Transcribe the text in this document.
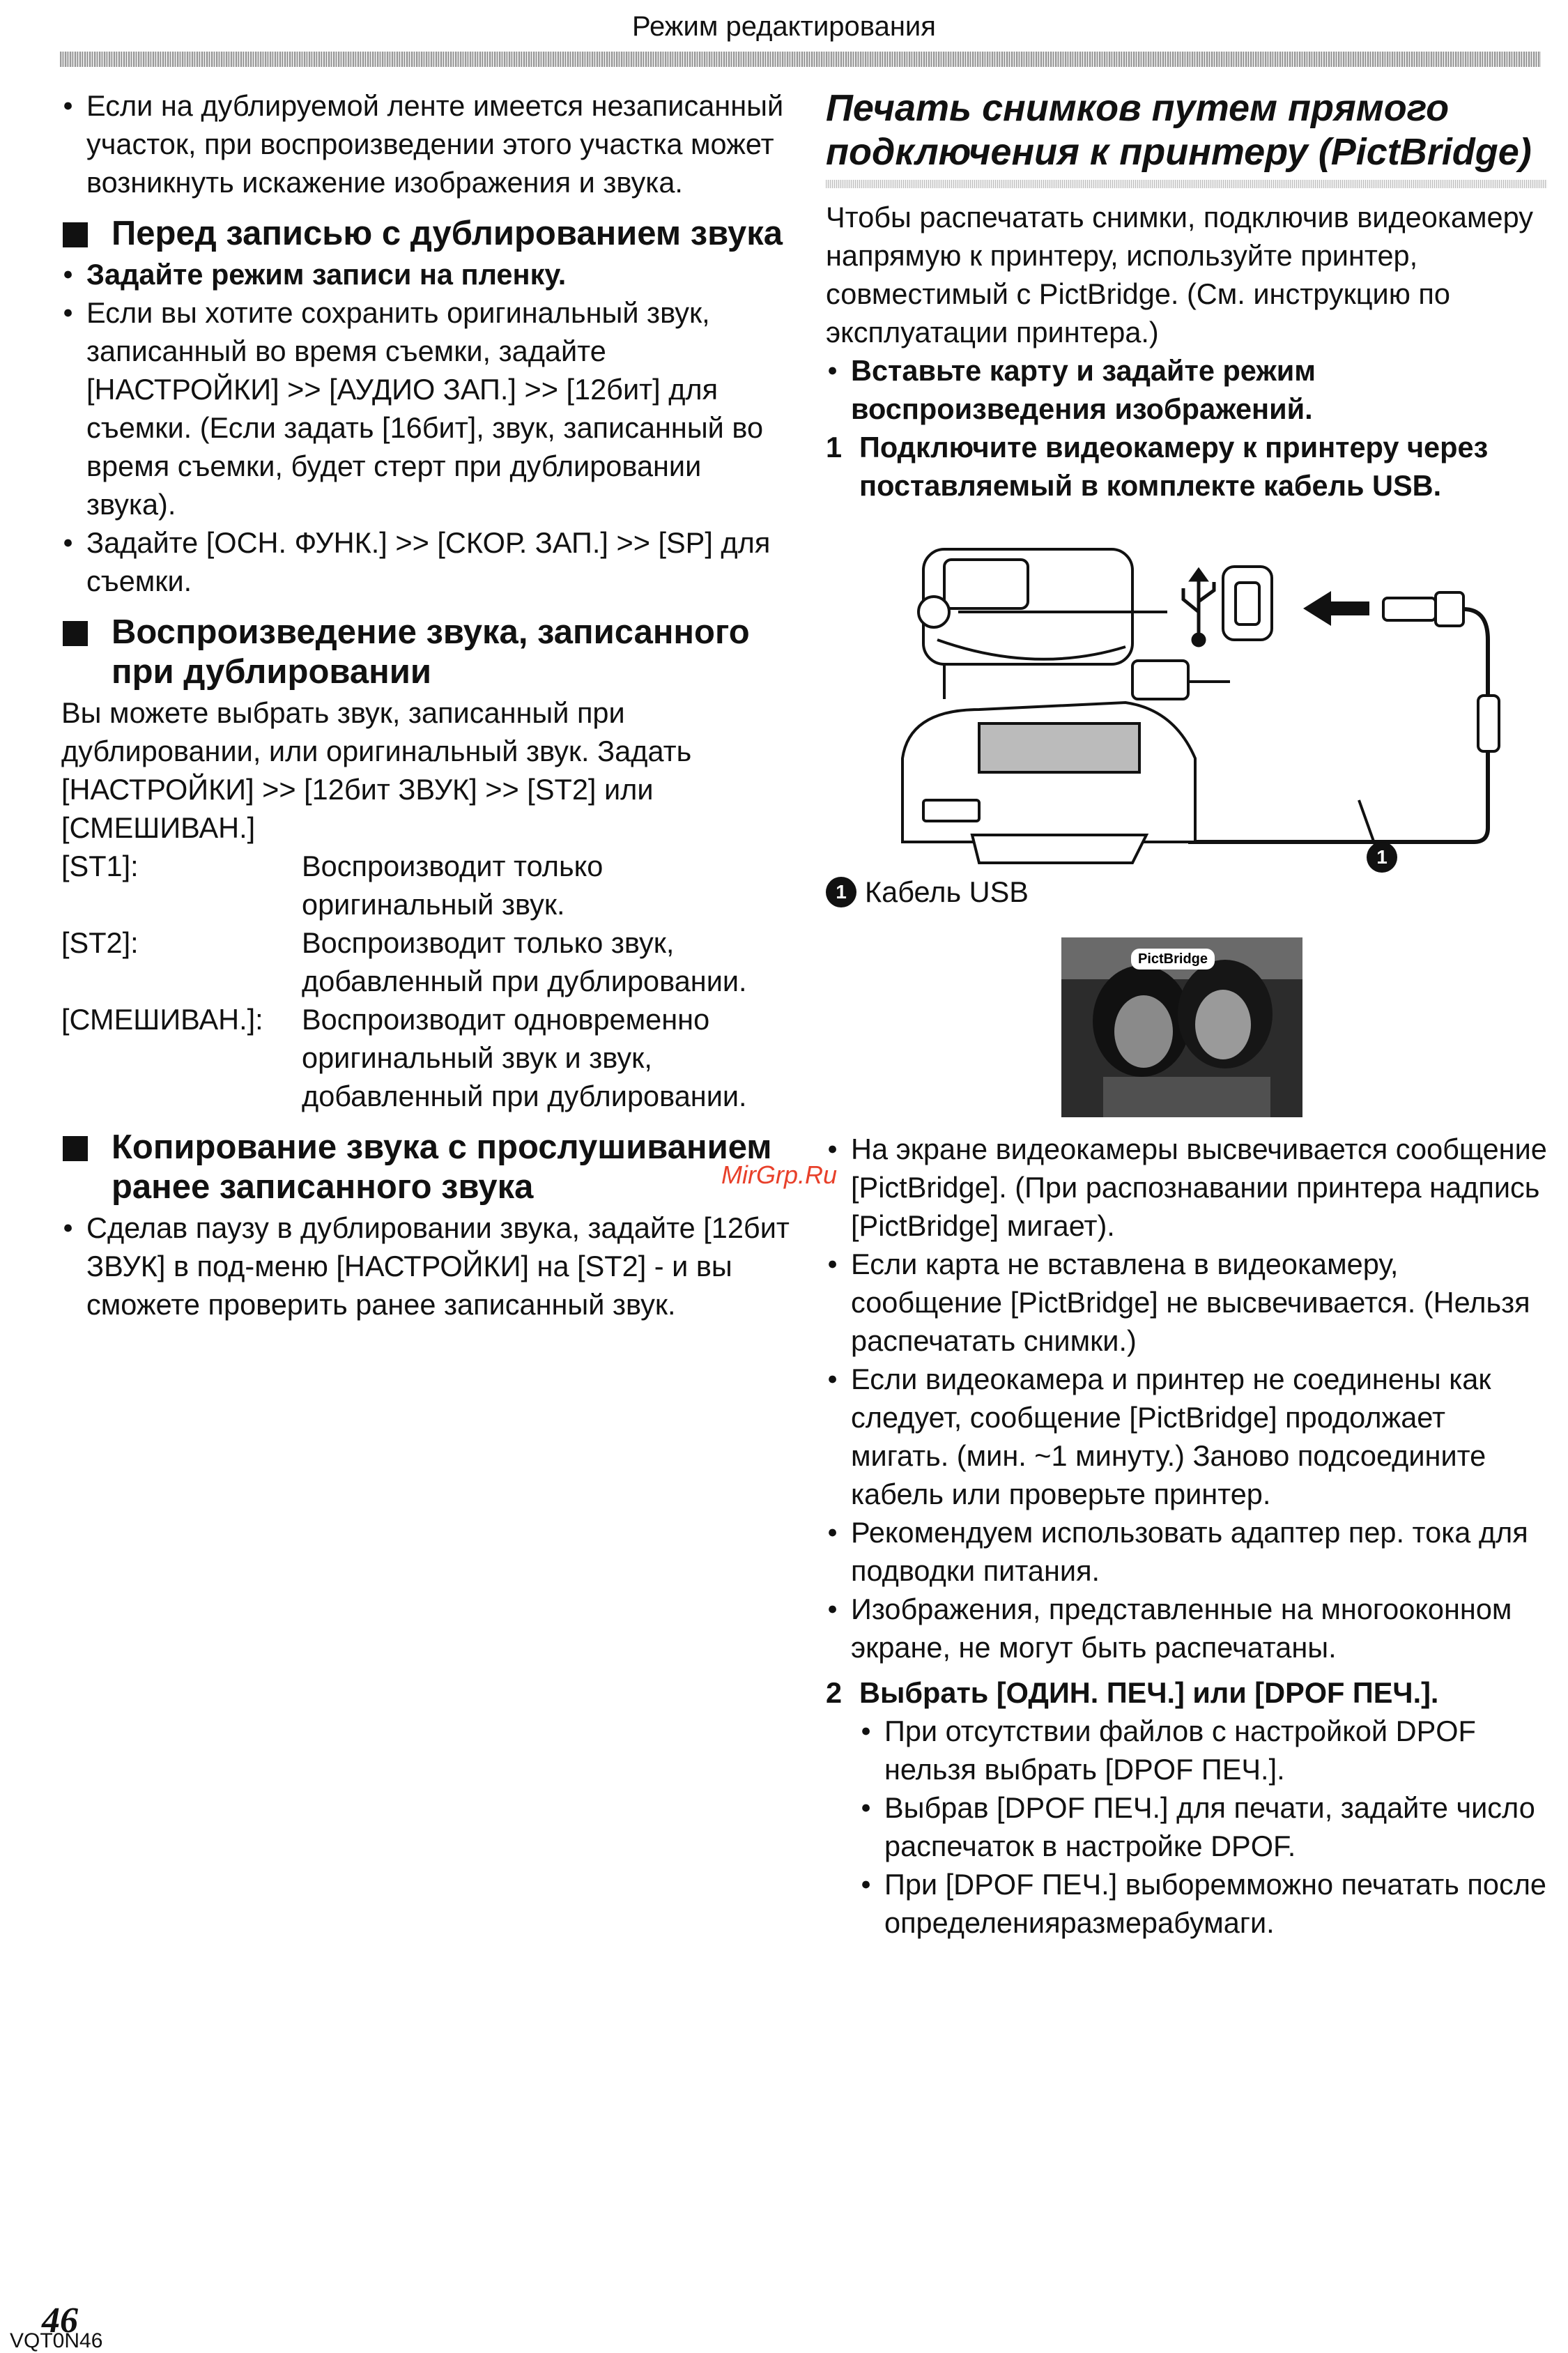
Режим редактирования

● Если на дублируемой ленте имеется незаписанный участок, при воспроизведении этого участка может возникнуть искажение изображения и звука.

Перед записью с дублированием звука

● Задайте режим записи на пленку.

● Если вы хотите сохранить оригинальный звук, записанный во время съемки, задайте [НАСТРОЙКИ] >> [АУДИО ЗАП.] >> [12бит] для съемки. (Если задать [16бит], звук, записанный во время съемки, будет стерт при дублировании звука).

● Задайте [ОСН. ФУНК.] >> [СКОР. ЗАП.] >> [SP] для съемки.

Воспроизведение звука, записанного при дублировании

Вы можете выбрать звук, записанный при дублировании, или оригинальный звук. Задать [НАСТРОЙКИ] >> [12бит ЗВУК] >> [ST2] или [СМЕШИВАН.]

[ST1]:	Воспроизводит только оригинальный звук.
[ST2]:	Воспроизводит только звук, добавленный при дублировании.
[СМЕШИВАН.]:	Воспроизводит одновременно оригинальный звук и звук, добавленный при дублировании.
Копирование звука с прослушиванием ранее записанного звука

● Сделав паузу в дублировании звука, задайте [12бит ЗВУК] в под-меню [НАСТРОЙКИ] на [ST2] - и вы сможете проверить ранее записанный звук.

Печать снимков путем прямого подключения к принтеру (PictBridge)

Чтобы распечатать снимки, подключив видеокамеру напрямую к принтеру, используйте принтер, совместимый с PictBridge. (См. инструкцию по эксплуатации принтера.)

● Вставьте карту и задайте режим воспроизведения изображений.

1 Подключите видеокамеру к принтеру через поставляемый в комплекте кабель USB.
1
1 Кабель USB
PictBridge

● На экране видеокамеры высвечивается сообщение [PictBridge]. (При распознавании принтера надпись [PictBridge] мигает).

● Если карта не вставлена в видеокамеру, сообщение [PictBridge] не высвечивается. (Нельзя распечатать снимки.)

● Если видеокамера и принтер не соединены как следует, сообщение [PictBridge] продолжает мигать. (мин. ~1 минуту.) Заново подсоедините кабель или проверьте принтер.

● Рекомендуем использовать адаптер пер. тока для подводки питания.

● Изображения, представленные на многооконном экране, не могут быть распечатаны.

2 Выбрать [ОДИН. ПЕЧ.] или [DPOF ПЕЧ.].

● При отсутствии файлов с настройкой DPOF нельзя выбрать [DPOF ПЕЧ.].

● Выбрав [DPOF ПЕЧ.] для печати, задайте число распечаток в настройке DPOF.

● При [DPOF ПЕЧ.] выборемможно печатать после определенияразмерабумаги.

MirGrp.Ru
46
VQT0N46
